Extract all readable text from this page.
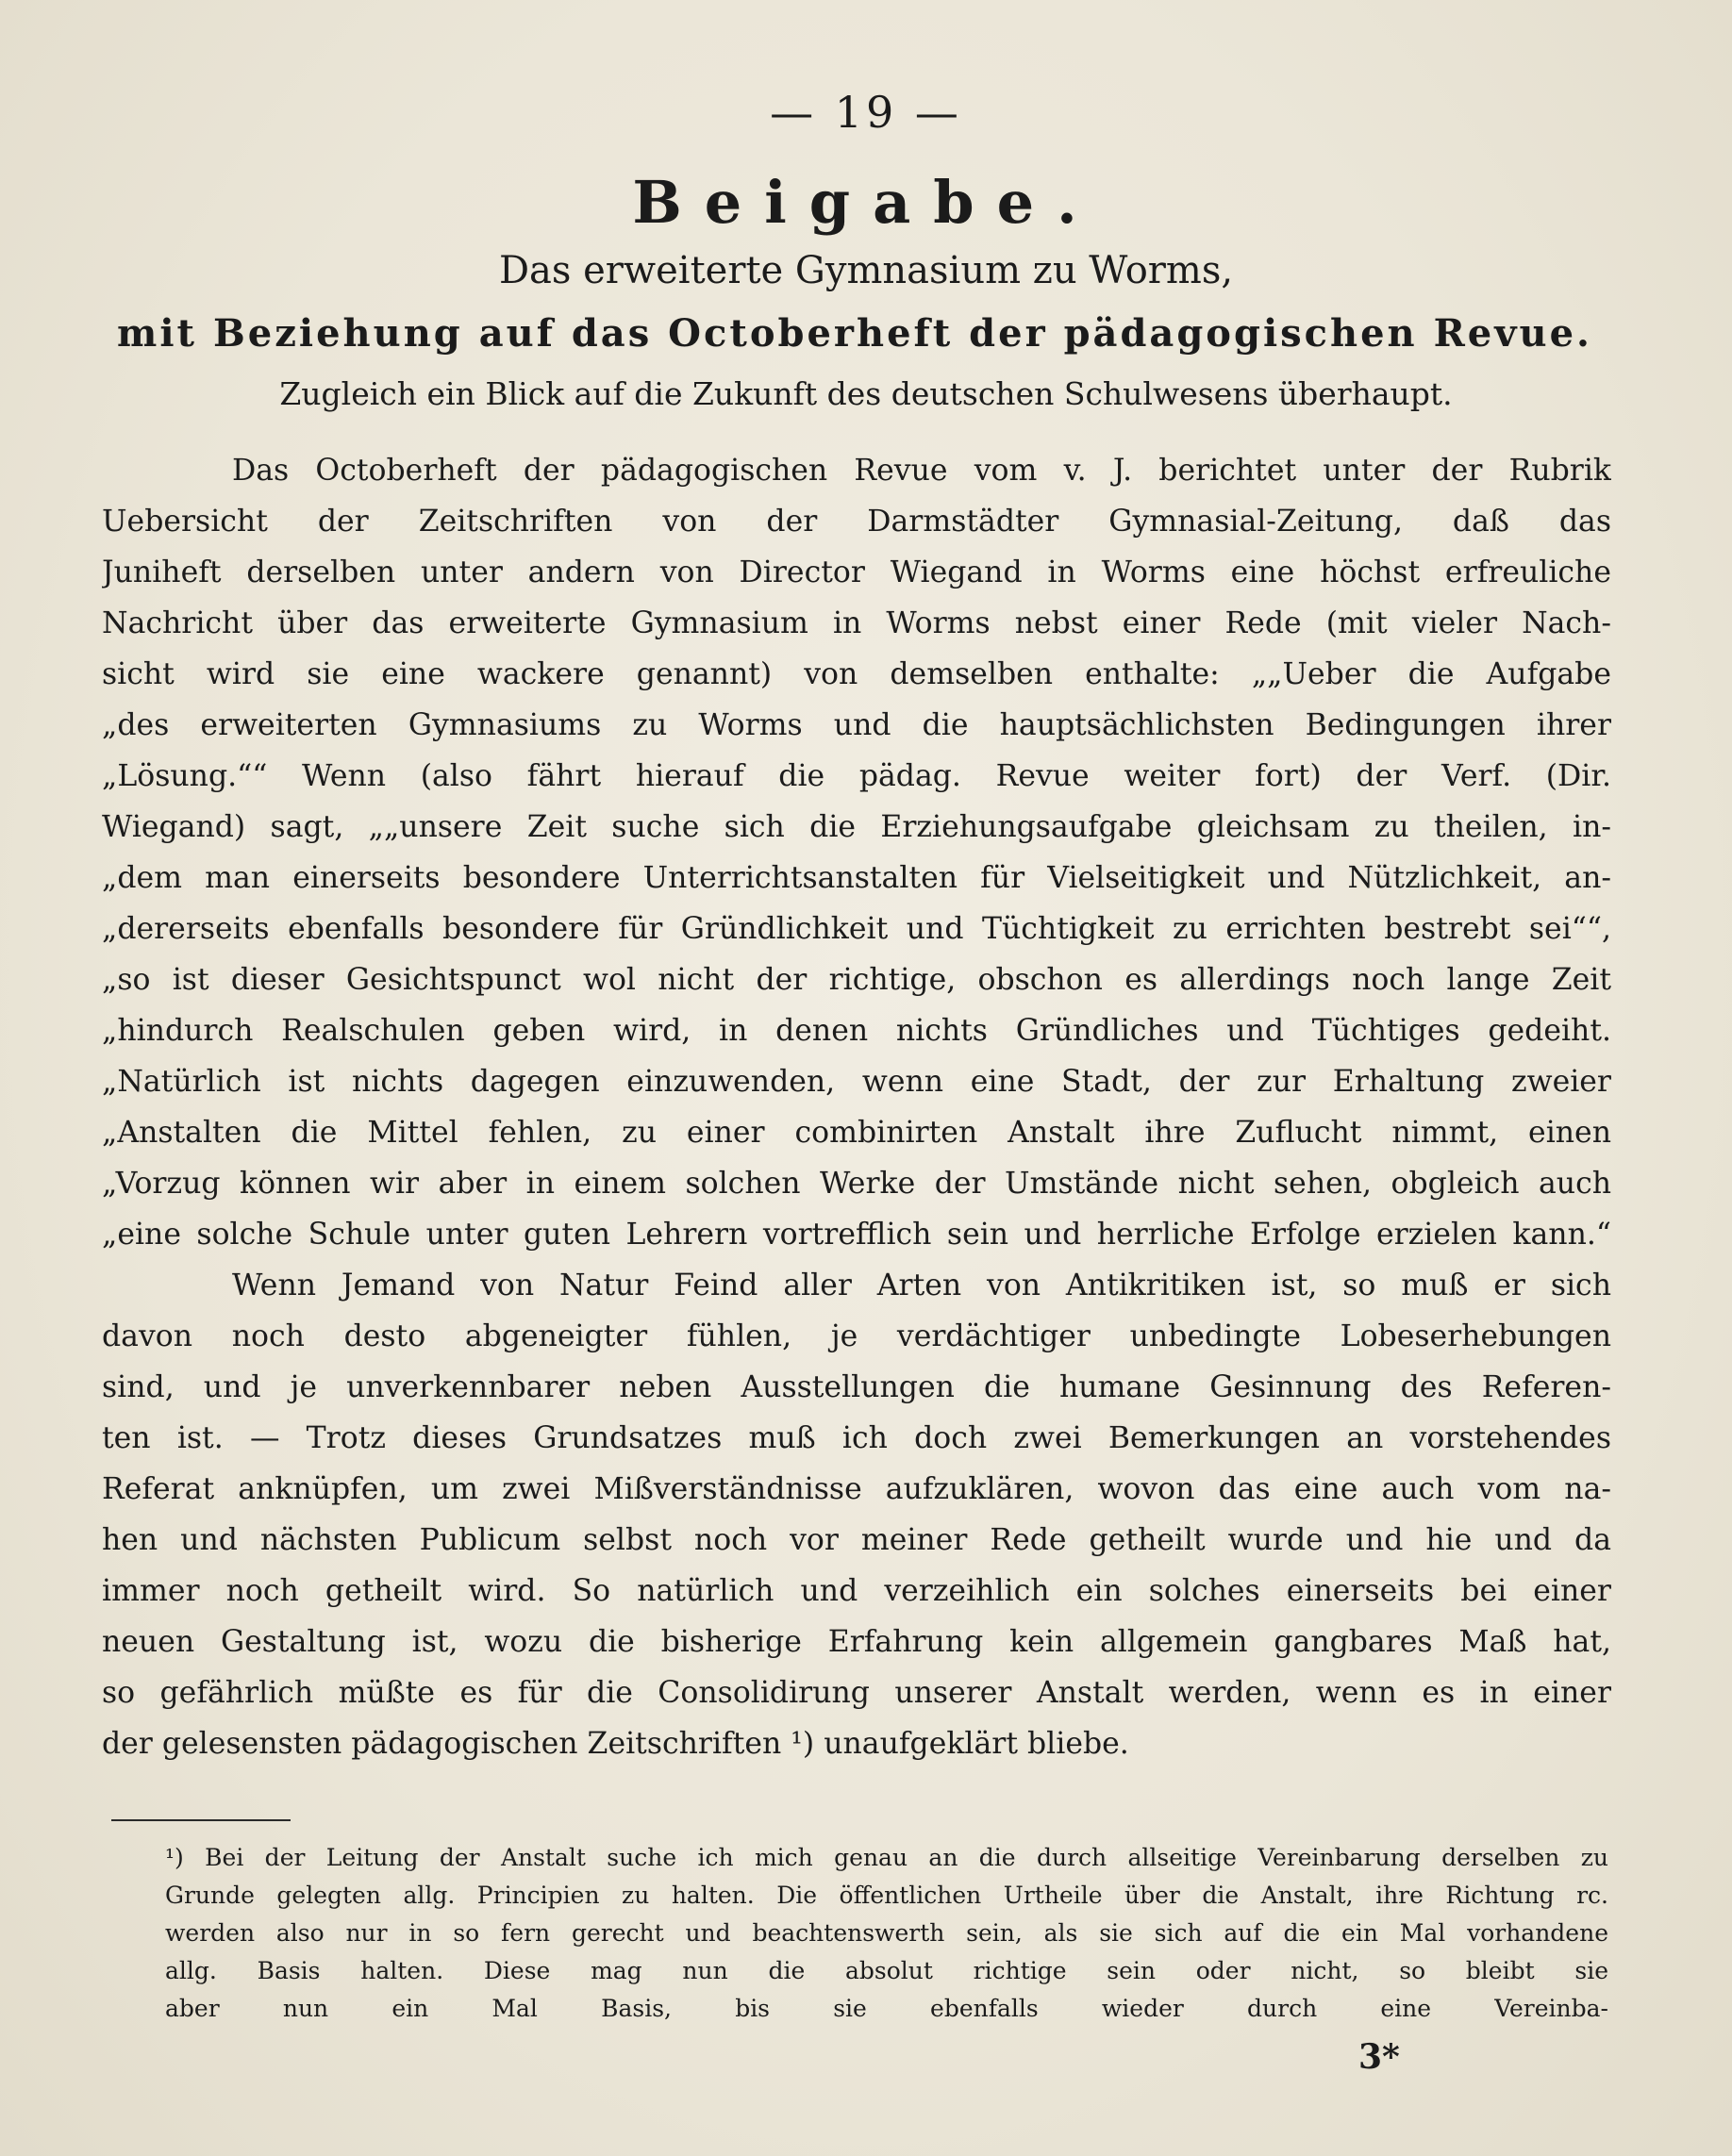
— 19 —
Beigabe.
Das erweiterte Gymnasium zu Worms,
mit Beziehung auf das Octoberheft der pädagogischen Revue.
Zugleich ein Blick auf die Zukunft des deutschen Schulwesens überhaupt.
Das Octoberheft der pädagogischen Revue vom v. J. berichtet unter der Rubrik
Uebersicht der Zeitschriften von der Darmstädter Gymnasial-Zeitung, daß das
Juniheft derselben unter andern von Director Wiegand in Worms eine höchst erfreuliche
Nachricht über das erweiterte Gymnasium in Worms nebst einer Rede (mit vieler Nach-
sicht wird sie eine wackere genannt) von demselben enthalte: „„Ueber die Aufgabe
„des erweiterten Gymnasiums zu Worms und die hauptsächlichsten Bedingungen ihrer
„Lösung.““ Wenn (also fährt hierauf die pädag. Revue weiter fort) der Verf. (Dir.
Wiegand) sagt, „„unsere Zeit suche sich die Erziehungsaufgabe gleichsam zu theilen, in-
„dem man einerseits besondere Unterrichtsanstalten für Vielseitigkeit und Nützlichkeit, an-
„dererseits ebenfalls besondere für Gründlichkeit und Tüchtigkeit zu errichten bestrebt sei““,
„so ist dieser Gesichtspunct wol nicht der richtige, obschon es allerdings noch lange Zeit
„hindurch Realschulen geben wird, in denen nichts Gründliches und Tüchtiges gedeiht.
„Natürlich ist nichts dagegen einzuwenden, wenn eine Stadt, der zur Erhaltung zweier
„Anstalten die Mittel fehlen, zu einer combinirten Anstalt ihre Zuflucht nimmt, einen
„Vorzug können wir aber in einem solchen Werke der Umstände nicht sehen, obgleich auch
„eine solche Schule unter guten Lehrern vortrefflich sein und herrliche Erfolge erzielen kann.“
Wenn Jemand von Natur Feind aller Arten von Antikritiken ist, so muß er sich
davon noch desto abgeneigter fühlen, je verdächtiger unbedingte Lobeserhebungen
sind, und je unverkennbarer neben Ausstellungen die humane Gesinnung des Referen-
ten ist. — Trotz dieses Grundsatzes muß ich doch zwei Bemerkungen an vorstehendes
Referat anknüpfen, um zwei Mißverständnisse aufzuklären, wovon das eine auch vom na-
hen und nächsten Publicum selbst noch vor meiner Rede getheilt wurde und hie und da
immer noch getheilt wird. So natürlich und verzeihlich ein solches einerseits bei einer
neuen Gestaltung ist, wozu die bisherige Erfahrung kein allgemein gangbares Maß hat,
so gefährlich müßte es für die Consolidirung unserer Anstalt werden, wenn es in einer
der gelesensten pädagogischen Zeitschriften ¹) unaufgeklärt bliebe.
¹) Bei der Leitung der Anstalt suche ich mich genau an die durch allseitige Vereinbarung derselben zu
Grunde gelegten allg. Principien zu halten. Die öffentlichen Urtheile über die Anstalt, ihre Richtung rc.
werden also nur in so fern gerecht und beachtenswerth sein, als sie sich auf die ein Mal vorhandene
allg. Basis halten. Diese mag nun die absolut richtige sein oder nicht, so bleibt sie
aber nun ein Mal Basis, bis sie ebenfalls wieder durch eine Vereinba-
3*
